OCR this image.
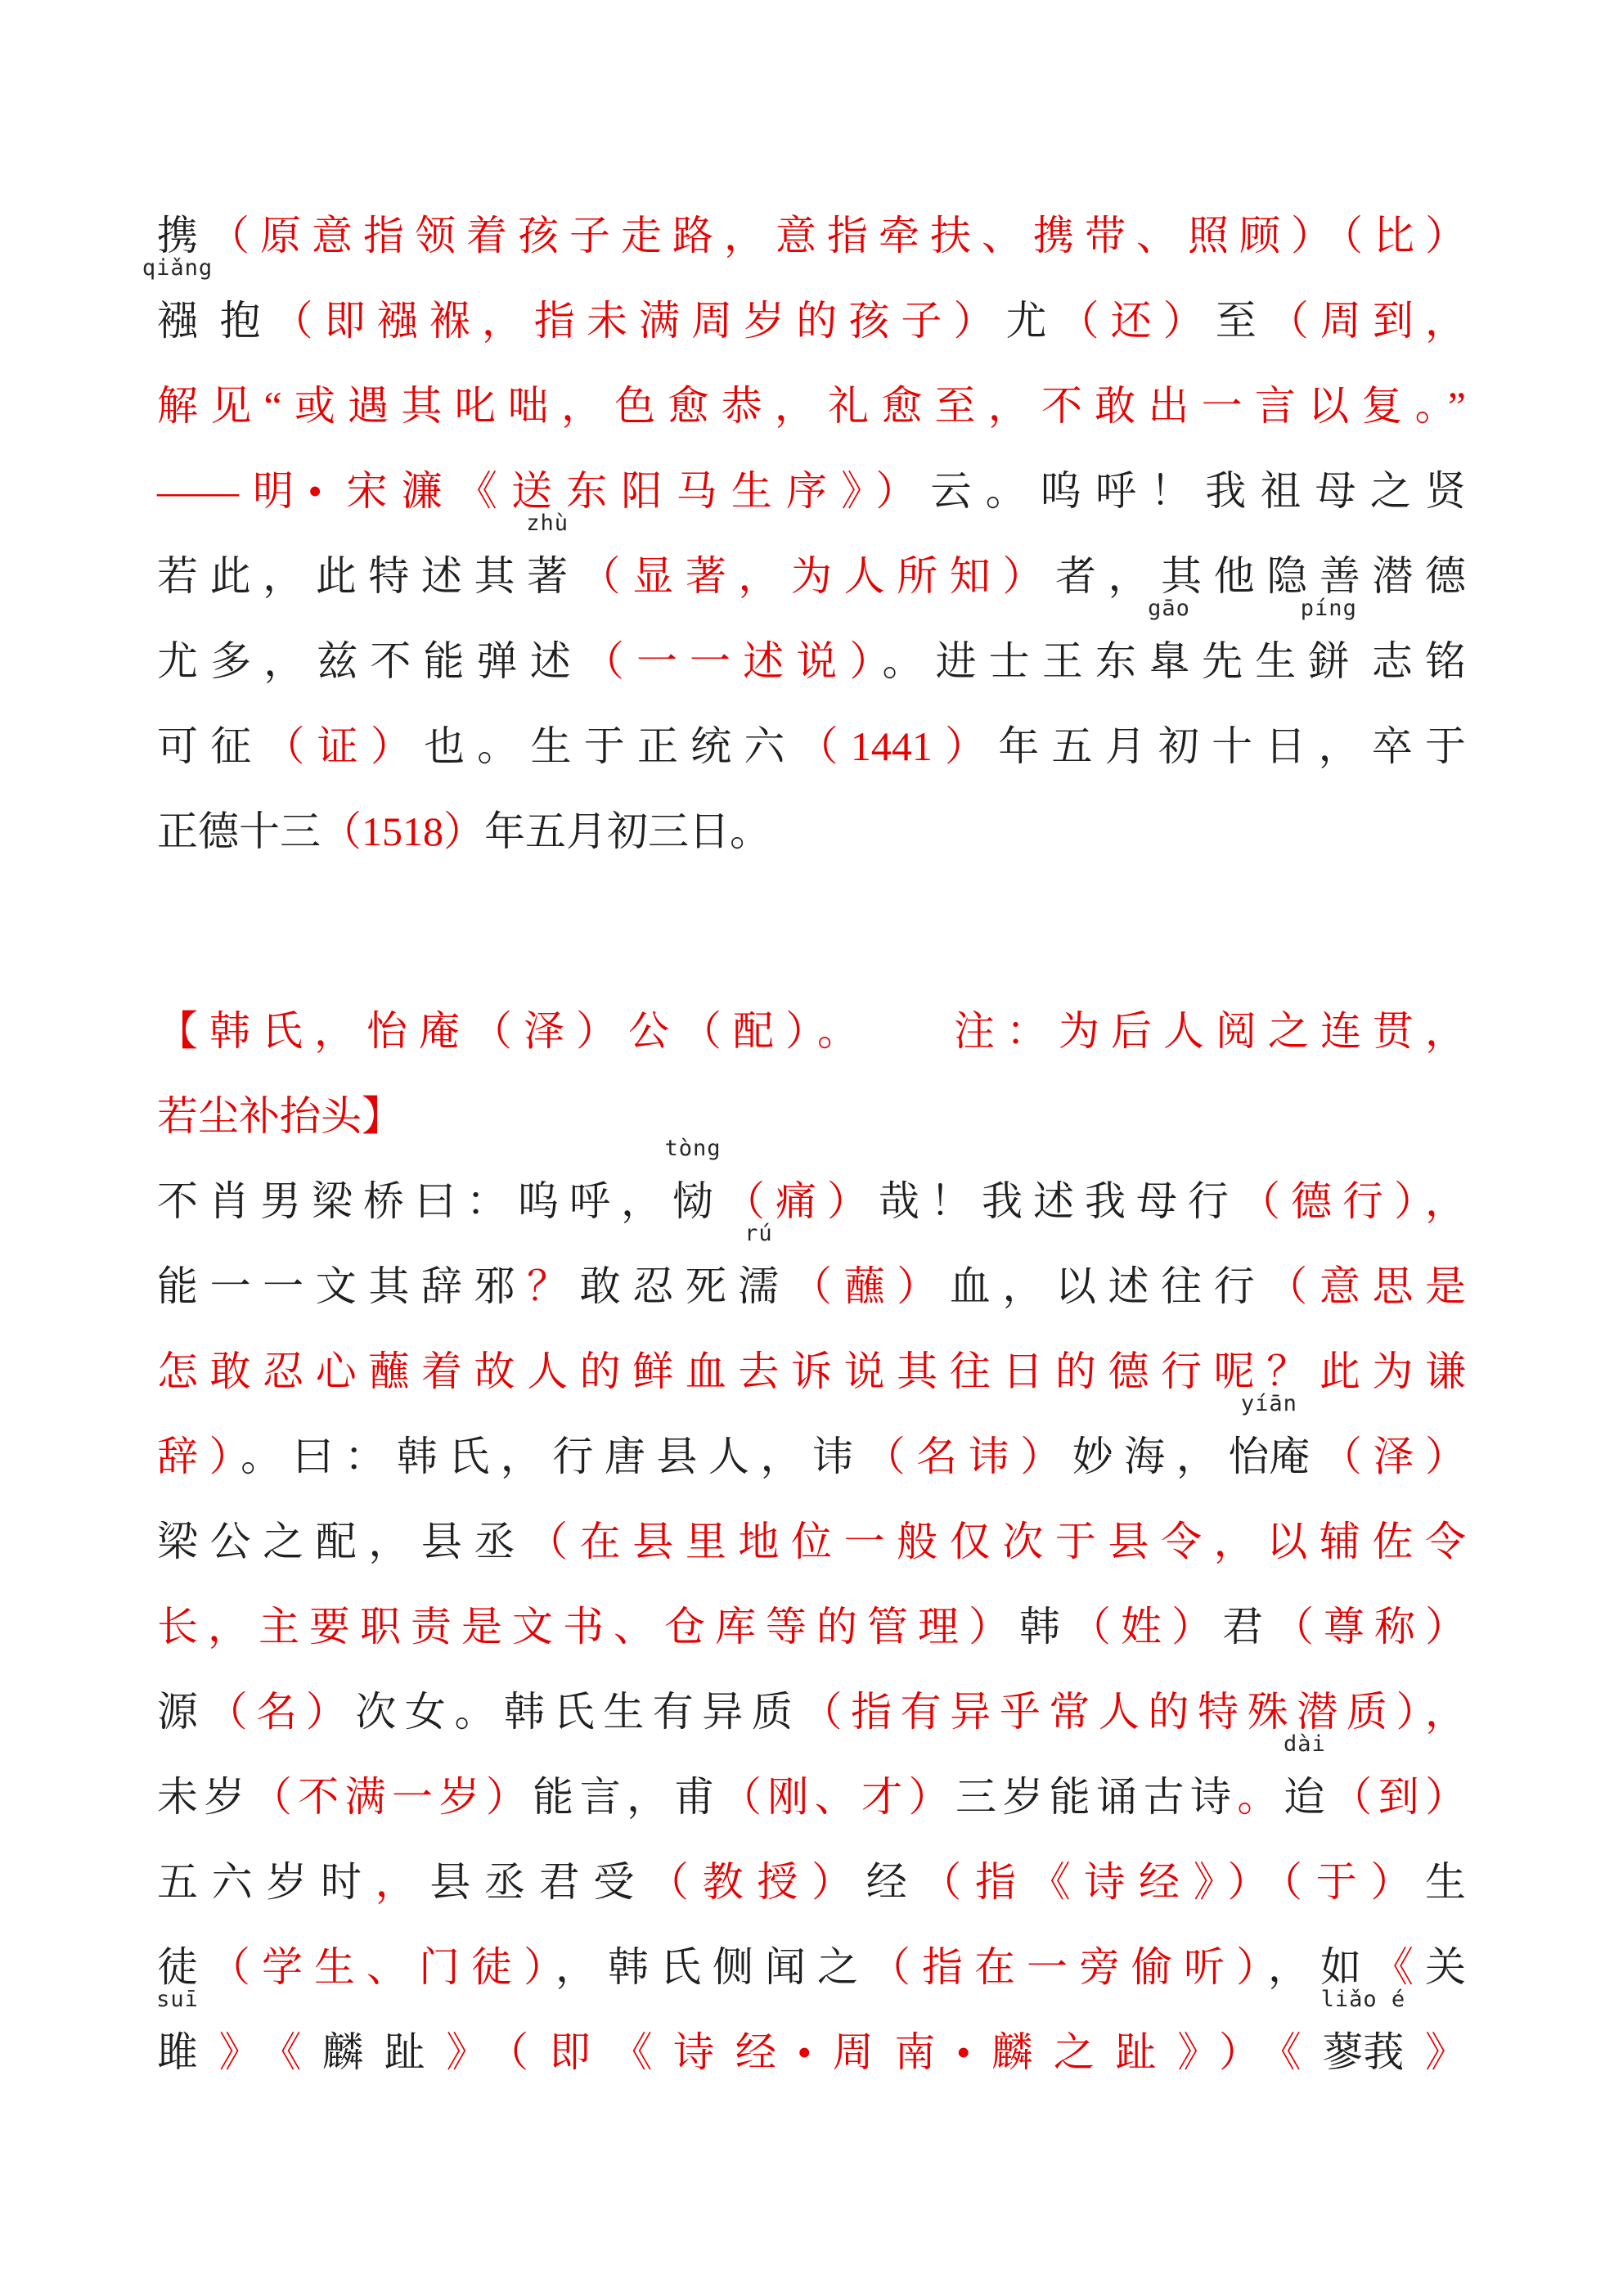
携（原意指领着孩子走路，意指牵扶、携带、照顾）（比）
qiǎng
襁 抱（即襁褓，指未满周岁的孩子）尤（还）至（周到，
解见“或遇其叱咄，色愈恭，礼愈至，不敢出一言以复。”
——明• 宋濂《送东阳马生序》）云。呜呼！我祖母之贤
若此，此特述其
zhù
著（显著，为人所知）者，其他隐善潜德
尤多，兹不能弹述（一一述说）。进士王东
gāo
臯先生
píng
鉼 志铭
可征（证）也。生于正统六（1441）年五月初十日，卒于
正德十三（1518）年五月初三日。
【韩氏，怡庵（泽）公（配）。　　注：为后人阅之连贯，
若尘补抬头】
不肖男梁桥曰：呜呼，
tòng
恸（痛）哉！我述我母行（德行），
能一一文其辞邪？敢忍死
rú
濡（蘸）血，以述往行（意思是
怎敢忍心蘸着故人的鲜血去诉说其往日的德行呢？此为谦
辞）。曰：韩氏，行唐县人，讳（名讳）妙海，
yíān
怡庵（泽）
梁公之配，县丞（在县里地位一般仅次于县令，以辅佐令
长，主要职责是文书、仓库等的管理）韩（姓）君（尊称）
源（名）次女。韩氏生有异质（指有异乎常人的特殊潜质），
未岁（不满一岁）能言，甫（刚、才）三岁能诵古诗。
dài
迨（到）
五六岁时，县丞君受（教授）经（指《诗经》）（于）生
徒（学生、门徒），韩氏侧闻之（指在一旁偷听），如《关
suī
雎》《麟趾》（即《诗经•周南•麟之趾》）《
liǎo é
蓼莪》
